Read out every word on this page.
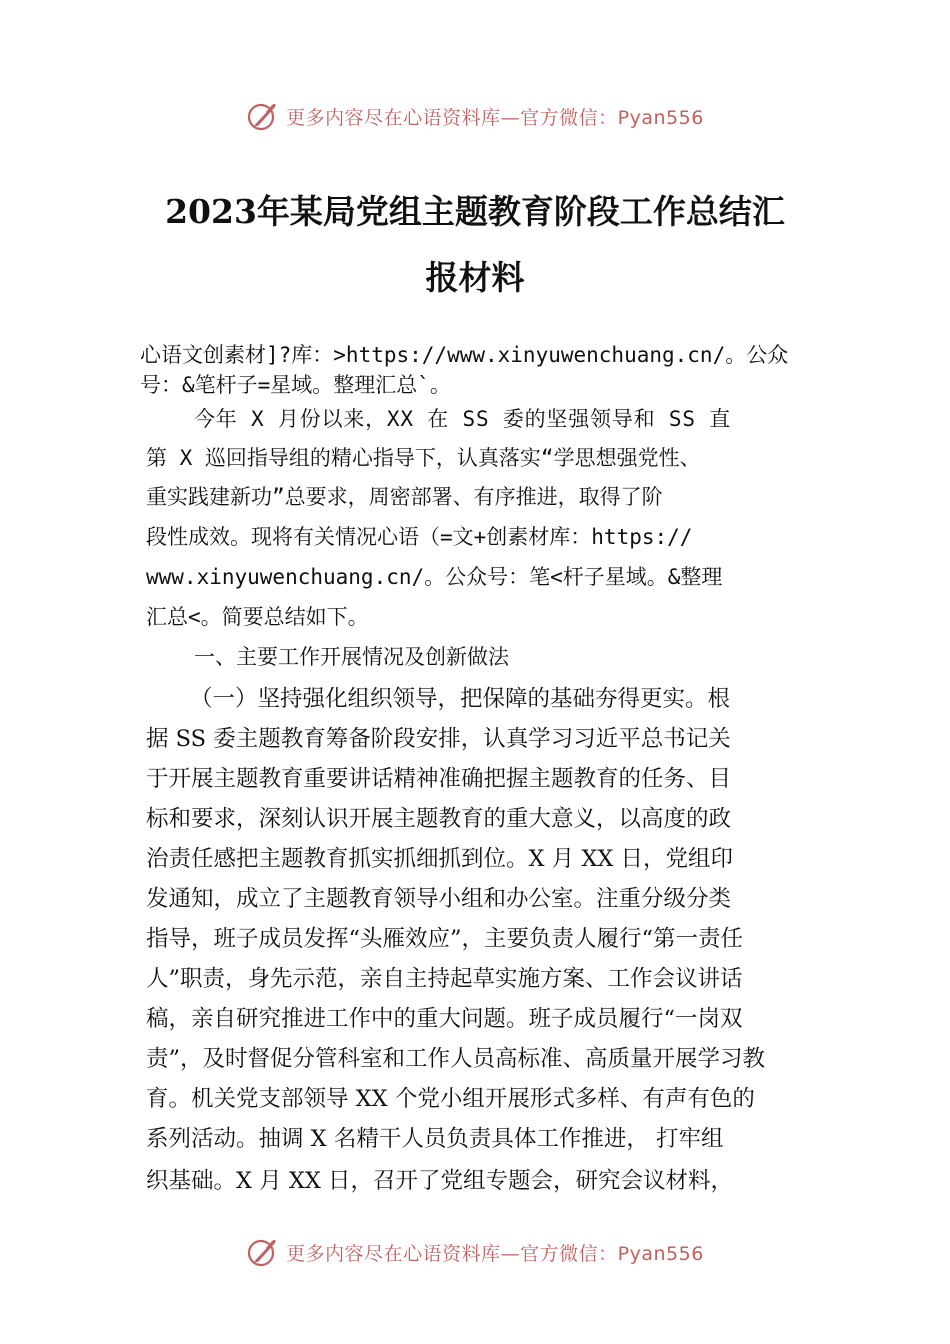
更多内容尽在心语资料库—官方微信：Pyan556
2023年某局党组主题教育阶段工作总结汇
报材料
心语文创素材]?库：>https://www.xinyuwenchuang.cn/。公众
号：&笔杆子=星域。整理汇总`。
今年 X 月份以来，XX 在 SS 委的坚强领导和 SS 直
第 X 巡回指导组的精心指导下，认真落实“学思想强党性、
重实践建新功”总要求，周密部署、有序推进，取得了阶
段性成效。现将有关情况心语（=文+创素材库：https://
www.xinyuwenchuang.cn/。公众号：笔<杆子星域。&整理
汇总<。简要总结如下。
一、主要工作开展情况及创新做法
（一）坚持强化组织领导，把保障的基础夯得更实。根
据 SS 委主题教育筹备阶段安排，认真学习习近平总书记关
于开展主题教育重要讲话精神准确把握主题教育的任务、目
标和要求，深刻认识开展主题教育的重大意义，以高度的政
治责任感把主题教育抓实抓细抓到位。X 月 XX 日，党组印
发通知，成立了主题教育领导小组和办公室。注重分级分类
指导，班子成员发挥“头雁效应”，主要负责人履行“第一责任
人”职责，身先示范，亲自主持起草实施方案、工作会议讲话
稿，亲自研究推进工作中的重大问题。班子成员履行“一岗双
责”，及时督促分管科室和工作人员高标准、高质量开展学习教
育。机关党支部领导 XX 个党小组开展形式多样、有声有色的
系列活动。抽调 X 名精干人员负责具体工作推进， 打牢组
织基础。X 月 XX 日，召开了党组专题会，研究会议材料，
更多内容尽在心语资料库—官方微信：Pyan556
